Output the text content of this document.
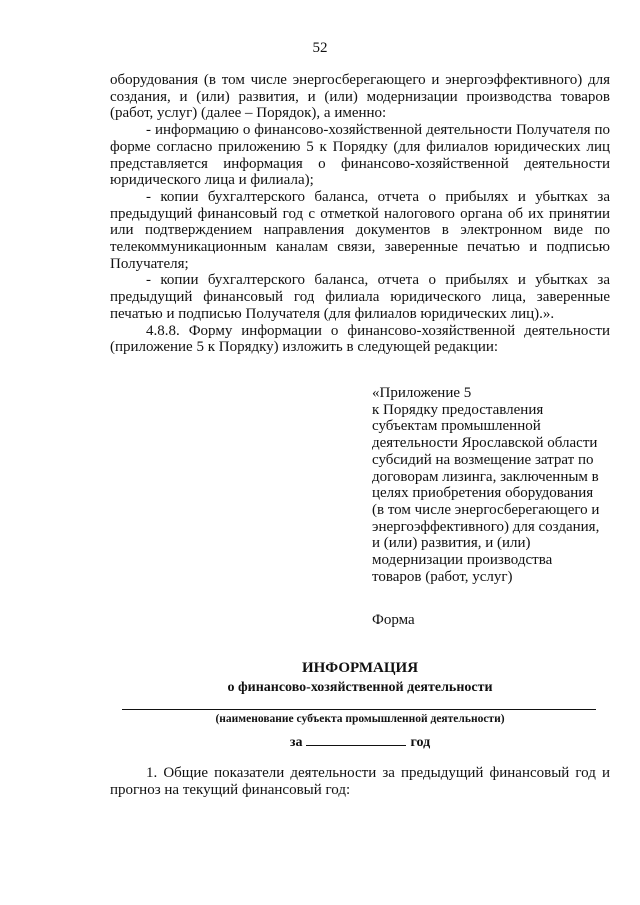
52

оборудования (в том числе энергосберегающего и энергоэффективного) для создания, и (или) развития, и (или) модернизации производства товаров (работ, услуг) (далее – Порядок), а именно:

- информацию о финансово-хозяйственной деятельности Получателя по форме согласно приложению 5 к Порядку (для филиалов юридических лиц представляется информация о финансово-хозяйственной деятельности юридического лица и филиала);

- копии бухгалтерского баланса, отчета о прибылях и убытках за предыдущий финансовый год с отметкой налогового органа об их принятии или подтверждением направления документов в электронном виде по телекоммуникационным каналам связи, заверенные печатью и подписью Получателя;

- копии бухгалтерского баланса, отчета о прибылях и убытках за предыдущий финансовый год филиала юридического лица, заверенные печатью и подписью Получателя (для филиалов юридических лиц).».

4.8.8. Форму информации о финансово-хозяйственной деятельности (приложение 5 к Порядку) изложить в следующей редакции:

«Приложение 5
к Порядку предоставления
субъектам промышленной
деятельности Ярославской области
субсидий на возмещение затрат по
договорам лизинга, заключенным в
целях приобретения оборудования
(в том числе энергосберегающего и
энергоэффективного) для создания,
и (или) развития, и (или)
модернизации производства
товаров (работ, услуг)
Форма
ИНФОРМАЦИЯ
о финансово-хозяйственной деятельности
(наименование субъекта промышленной деятельности)
за	год

1. Общие показатели деятельности за предыдущий финансовый год и прогноз на текущий финансовый год:
